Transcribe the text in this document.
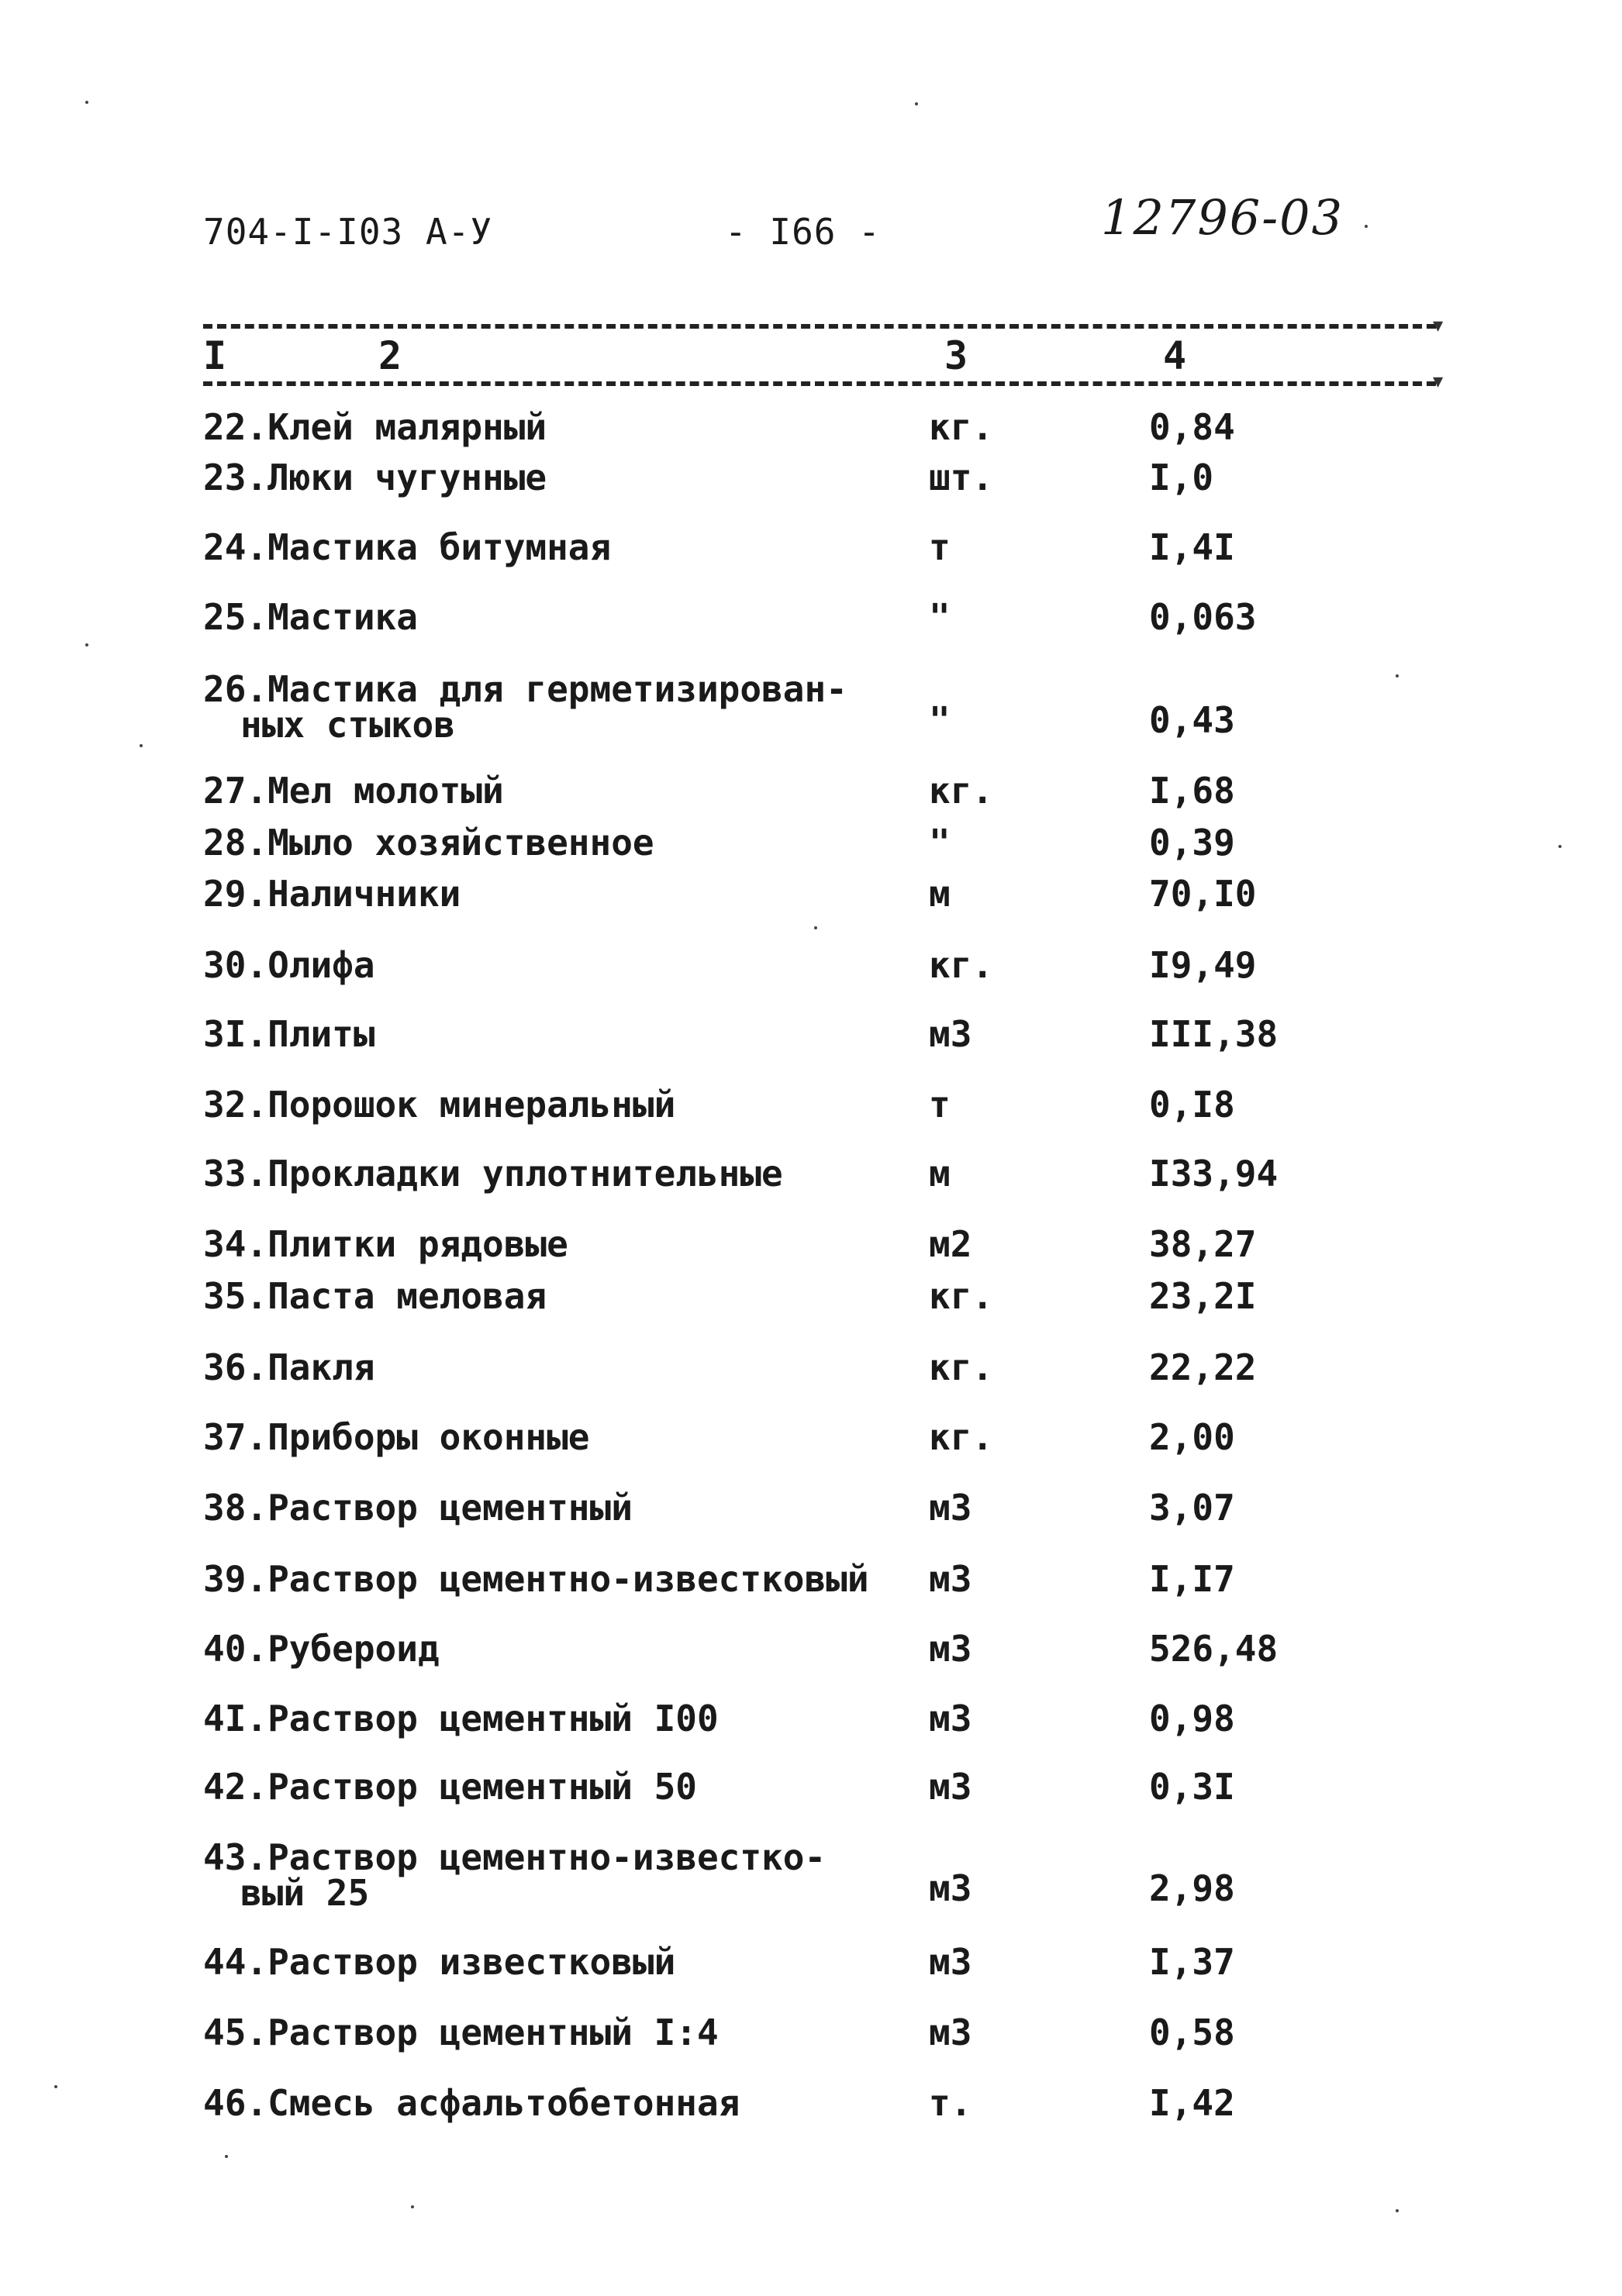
704-I-I03 А-У	- I66 -	12796-03
▼
I	2	3	4
▼
22.Клей малярный	кг.	0,84
23.Люки чугунные	шт.	I,0
24.Мастика битумная	т	I,4I
25.Мастика	"	0,063
26.Мастика для герметизирован-
ных стыков	"	0,43
27.Мел молотый	кг.	I,68
28.Мыло хозяйственное	"	0,39
29.Наличники	м	70,I0
30.Олифа	кг.	I9,49
3I.Плиты	м3	III,38
32.Порошок минеральный	т	0,I8
33.Прокладки уплотнительные	м	I33,94
34.Плитки рядовые	м2	38,27
35.Паста меловая	кг.	23,2I
36.Пакля	кг.	22,22
37.Приборы оконные	кг.	2,00
38.Раствор цементный	м3	3,07
39.Раствор цементно-известковый м3	I,I7
40.Рубероид	м3	526,48
4I.Раствор цементный I00	м3	0,98
42.Раствор цементный 50	м3	0,3I
43.Раствор цементно-известко-
вый 25	м3	2,98
44.Раствор известковый	м3	I,37
45.Раствор цементный I:4	м3	0,58
46.Смесь асфальтобетонная	т.	I,42
